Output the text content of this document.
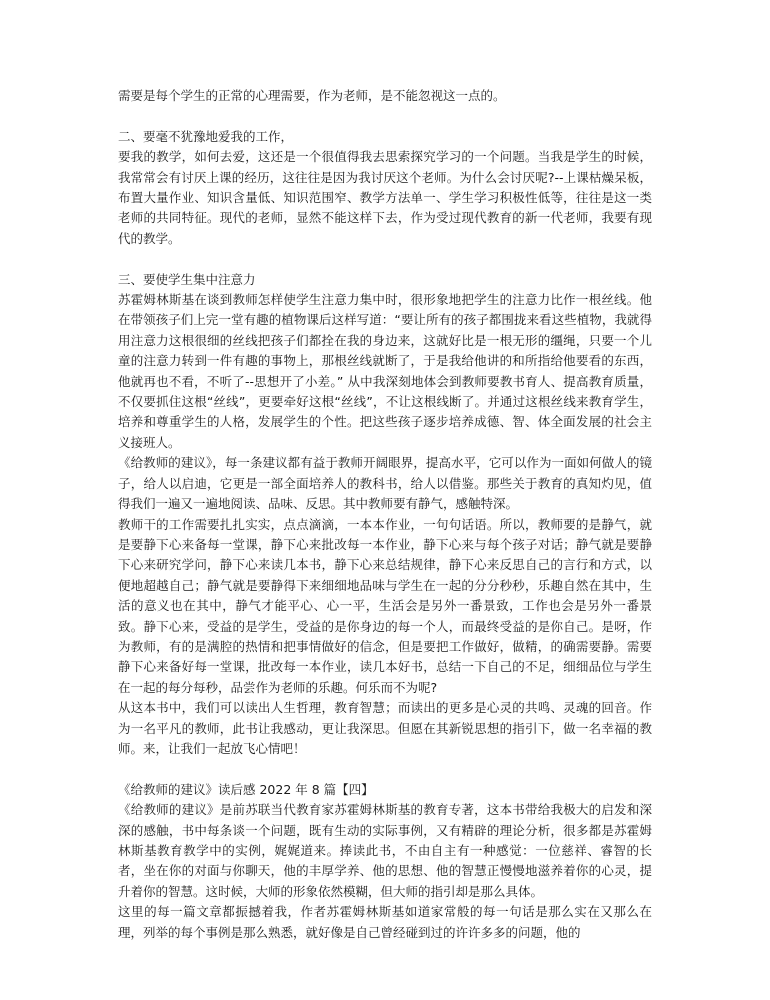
需要是每个学生的正常的心理需要，作为老师，是不能忽视这一点的。

二、要毫不犹豫地爱我的工作，

要我的教学，如何去爱，这还是一个很值得我去思索探究学习的一个问题。当我是学生的时候，我常常会有讨厌上课的经历，这往往是因为我讨厌这个老师。为什么会讨厌呢?--上课枯燥呆板，布置大量作业、知识含量低、知识范围窄、教学方法单一、学生学习积极性低等，往往是这一类老师的共同特征。现代的老师，显然不能这样下去，作为受过现代教育的新一代老师，我要有现代的教学。

三、要使学生集中注意力

苏霍姆林斯基在谈到教师怎样使学生注意力集中时，很形象地把学生的注意力比作一根丝线。他在带领孩子们上完一堂有趣的植物课后这样写道：“要让所有的孩子都围拢来看这些植物，我就得用注意力这根很细的丝线把孩子们都拴在我的身边来，这就好比是一根无形的缰绳，只要一个儿童的注意力转到一件有趣的事物上，那根丝线就断了，于是我给他讲的和所指给他要看的东西，他就再也不看，不听了--思想开了小差。” 从中我深刻地体会到教师要教书育人、提高教育质量，不仅要抓住这根“丝线”，更要牵好这根“丝线”，不让这根线断了。并通过这根丝线来教育学生，培养和尊重学生的人格，发展学生的个性。把这些孩子逐步培养成德、智、体全面发展的社会主义接班人。

《给教师的建议》，每一条建议都有益于教师开阔眼界，提高水平，它可以作为一面如何做人的镜子，给人以启迪，它更是一部全面培养人的教科书，给人以借鉴。那些关于教育的真知灼见，值得我们一遍又一遍地阅读、品味、反思。其中教师要有静气，感触特深。

教师干的工作需要扎扎实实，点点滴滴，一本本作业，一句句话语。所以，教师要的是静气，就是要静下心来备每一堂课，静下心来批改每一本作业，静下心来与每个孩子对话；静气就是要静下心来研究学问，静下心来读几本书，静下心来总结规律，静下心来反思自己的言行和方式，以便地超越自己；静气就是要静得下来细细地品味与学生在一起的分分秒秒，乐趣自然在其中，生活的意义也在其中，静气才能平心、心一平，生活会是另外一番景致，工作也会是另外一番景致。静下心来，受益的是学生，受益的是你身边的每一个人，而最终受益的是你自己。是呀，作为教师，有的是满腔的热情和把事情做好的信念，但是要把工作做好，做精，的确需要静。需要静下心来备好每一堂课，批改每一本作业，读几本好书，总结一下自己的不足，细细品位与学生在一起的每分每秒，品尝作为老师的乐趣。何乐而不为呢?

从这本书中，我们可以读出人生哲理，教育智慧；而读出的更多是心灵的共鸣、灵魂的回音。作为一名平凡的教师，此书让我感动，更让我深思。但愿在其新锐思想的指引下，做一名幸福的教师。来，让我们一起放飞心情吧！

《给教师的建议》读后感 2022 年 8 篇【四】

《给教师的建议》是前苏联当代教育家苏霍姆林斯基的教育专著，这本书带给我极大的启发和深深的感触，书中每条谈一个问题，既有生动的实际事例，又有精辟的理论分析，很多都是苏霍姆林斯基教育教学中的实例，娓娓道来。捧读此书，不由自主有一种感觉：一位慈祥、睿智的长者，坐在你的对面与你聊天，他的丰厚学养、他的思想、他的智慧正慢慢地滋养着你的心灵，提升着你的智慧。这时候，大师的形象依然模糊，但大师的指引却是那么具体。

这里的每一篇文章都振撼着我，作者苏霍姆林斯基如道家常般的每一句话是那么实在又那么在理，列举的每个事例是那么熟悉，就好像是自己曾经碰到过的许许多多的问题，他的
